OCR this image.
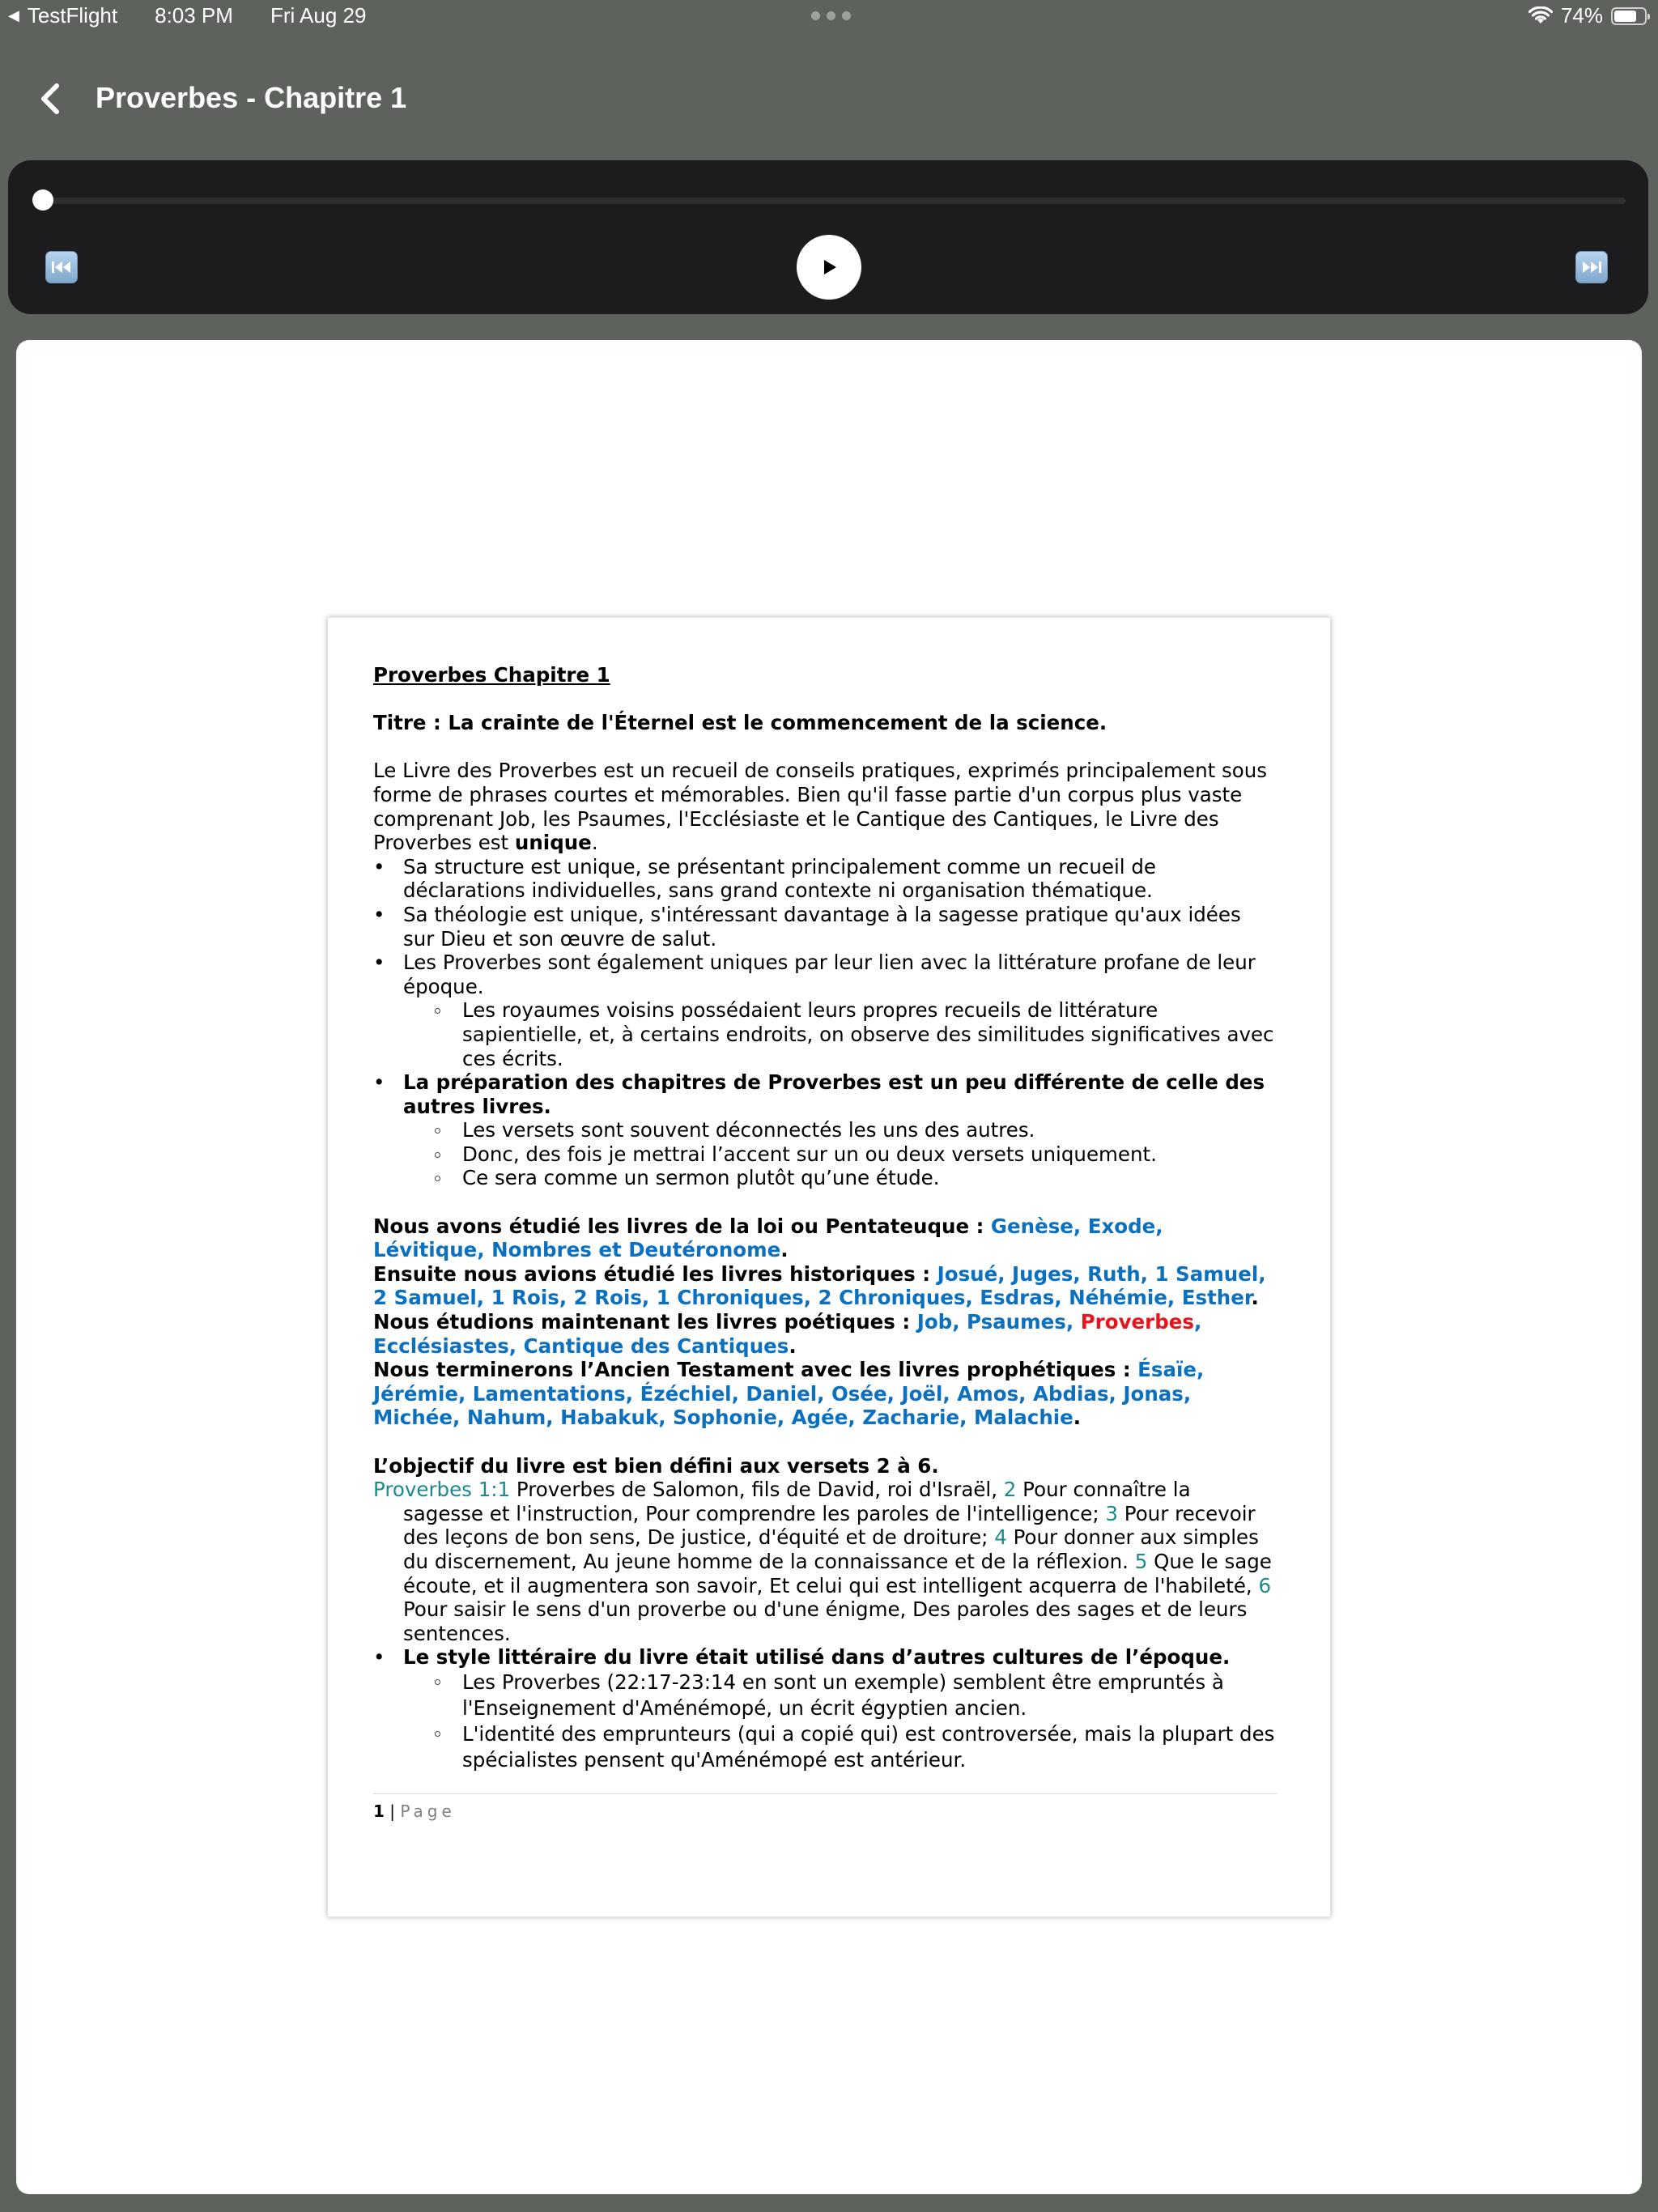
◀ TestFlight 8:03 PM Fri Aug 29	74%
Proverbes - Chapitre 1

Proverbes Chapitre 1

Titre : La crainte de l'Éternel est le commencement de la science.

Le Livre des Proverbes est un recueil de conseils pratiques, exprimés principalement sous forme de phrases courtes et mémorables. Bien qu'il fasse partie d'un corpus plus vaste comprenant Job, les Psaumes, l'Ecclésiaste et le Cantique des Cantiques, le Livre des Proverbes est unique.

• Sa structure est unique, se présentant principalement comme un recueil de déclarations individuelles, sans grand contexte ni organisation thématique.
• Sa théologie est unique, s'intéressant davantage à la sagesse pratique qu'aux idées sur Dieu et son œuvre de salut.
• Les Proverbes sont également uniques par leur lien avec la littérature profane de leur époque.
Les royaumes voisins possédaient leurs propres recueils de littérature sapientielle, et, à certains endroits, on observe des similitudes significatives avec ces écrits.
• La préparation des chapitres de Proverbes est un peu différente de celle des autres livres.
Les versets sont souvent déconnectés les uns des autres.
Donc, des fois je mettrai l’accent sur un ou deux versets uniquement.
Ce sera comme un sermon plutôt qu’une étude.

Nous avons étudié les livres de la loi ou Pentateuque : Genèse, Exode, Lévitique, Nombres et Deutéronome.

Ensuite nous avions étudié les livres historiques : Josué, Juges, Ruth, 1 Samuel, 2 Samuel, 1 Rois, 2 Rois, 1 Chroniques, 2 Chroniques, Esdras, Néhémie, Esther.

Nous étudions maintenant les livres poétiques : Job, Psaumes, Proverbes, Ecclésiastes, Cantique des Cantiques.

Nous terminerons l’Ancien Testament avec les livres prophétiques : Ésaïe, Jérémie, Lamentations, Ézéchiel, Daniel, Osée, Joël, Amos, Abdias, Jonas, Michée, Nahum, Habakuk, Sophonie, Agée, Zacharie, Malachie.

L’objectif du livre est bien défini aux versets 2 à 6.

Proverbes 1:1 Proverbes de Salomon, fils de David, roi d'Israël, 2 Pour connaître la sagesse et l'instruction, Pour comprendre les paroles de l'intelligence; 3 Pour recevoir des leçons de bon sens, De justice, d'équité et de droiture; 4 Pour donner aux simples du discernement, Au jeune homme de la connaissance et de la réflexion. 5 Que le sage écoute, et il augmentera son savoir, Et celui qui est intelligent acquerra de l'habileté, 6 Pour saisir le sens d'un proverbe ou d'une énigme, Des paroles des sages et de leurs sentences.

• Le style littéraire du livre était utilisé dans d’autres cultures de l’époque.
Les Proverbes (22:17-23:14 en sont un exemple) semblent être empruntés à l'Enseignement d'Aménémopé, un écrit égyptien ancien.
L'identité des emprunteurs (qui a copié qui) est controversée, mais la plupart des spécialistes pensent qu'Aménémopé est antérieur.
1 | Page
